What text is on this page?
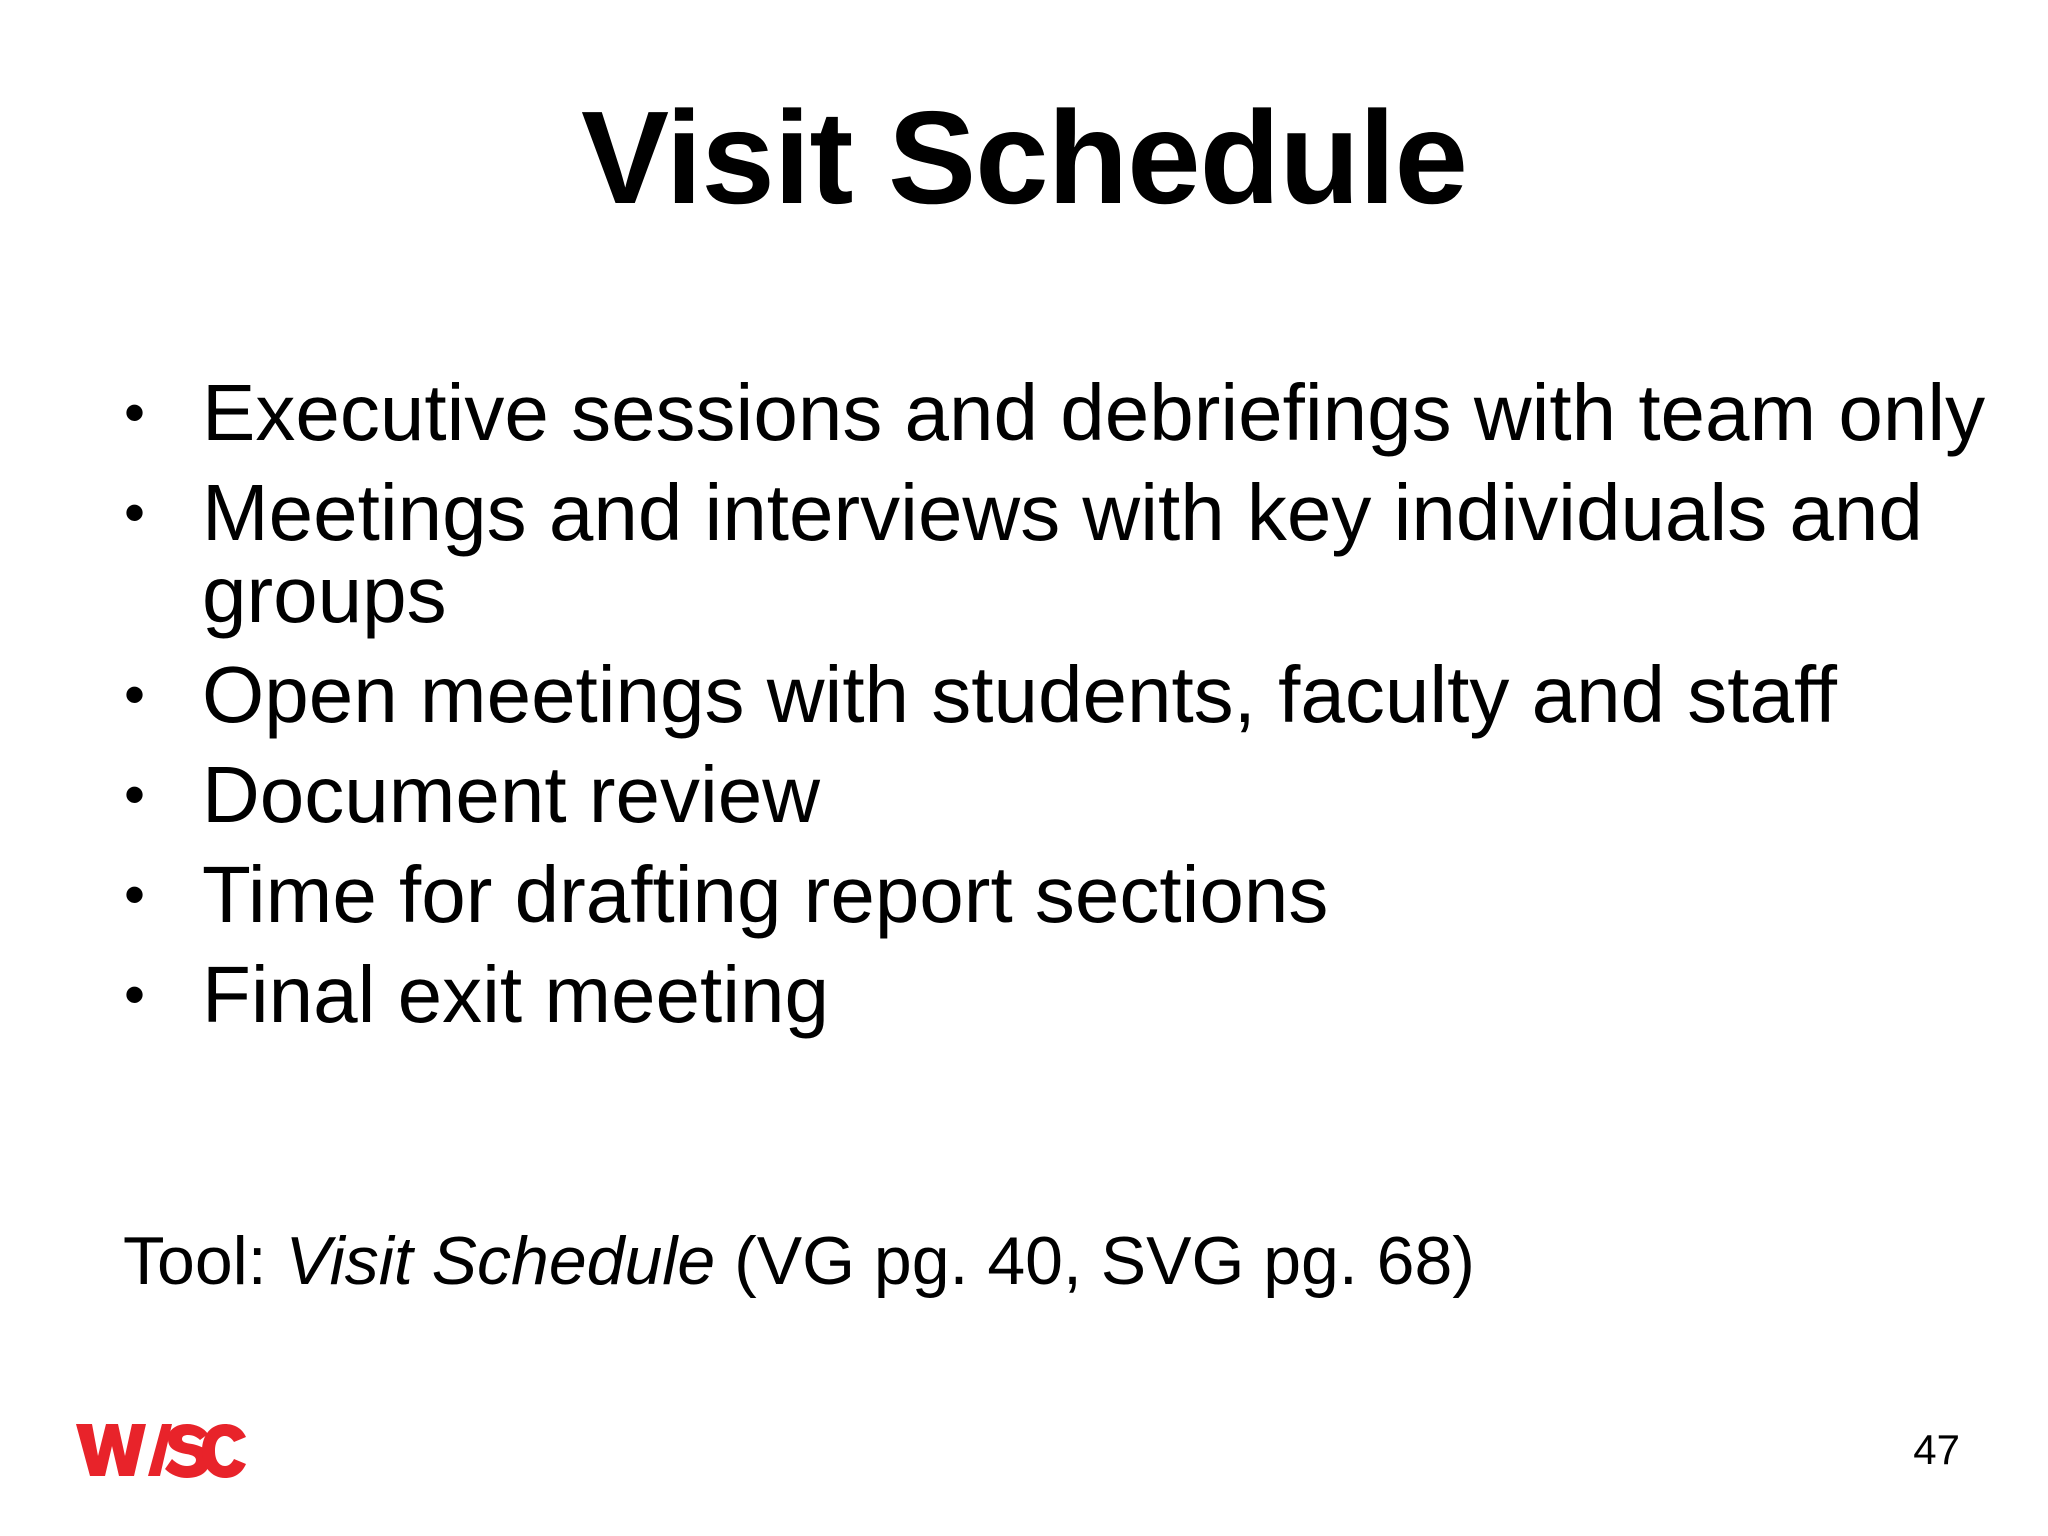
Visit Schedule
• Executive sessions and debriefings with team only
• Meetings and interviews with key individuals and groups
• Open meetings with students, faculty and staff
• Document review
• Time for drafting report sections
• Final exit meeting
Tool: Visit Schedule (VG pg. 40, SVG pg. 68)
47
